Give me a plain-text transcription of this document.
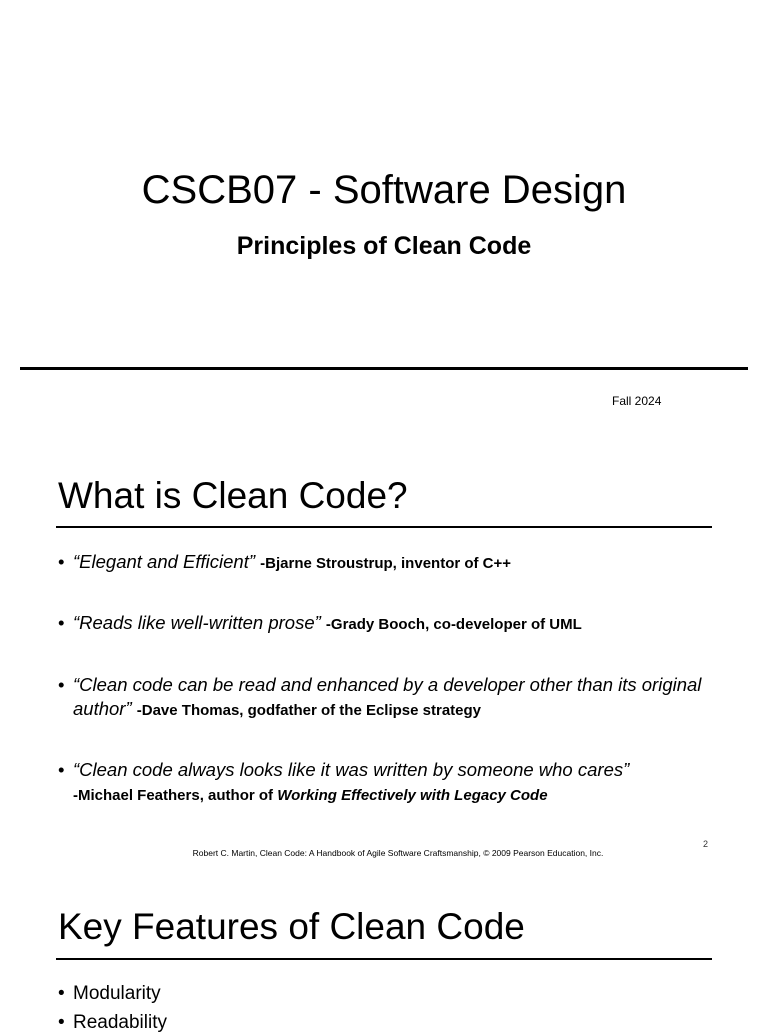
CSCB07 - Software Design
Principles of Clean Code
Fall 2024
What is Clean Code?
• “Elegant and Efficient” -Bjarne Stroustrup, inventor of C++
• “Reads like well-written prose” -Grady Booch, co-developer of UML
• “Clean code can be read and enhanced by a developer other than its original author” -Dave Thomas, godfather of the Eclipse strategy
• “Clean code always looks like it was written by someone who cares”
-Michael Feathers, author of Working Effectively with Legacy Code
Robert C. Martin, Clean Code: A Handbook of Agile Software Craftsmanship, © 2009 Pearson Education, Inc.
2
Key Features of Clean Code
• Modularity
• Readability
